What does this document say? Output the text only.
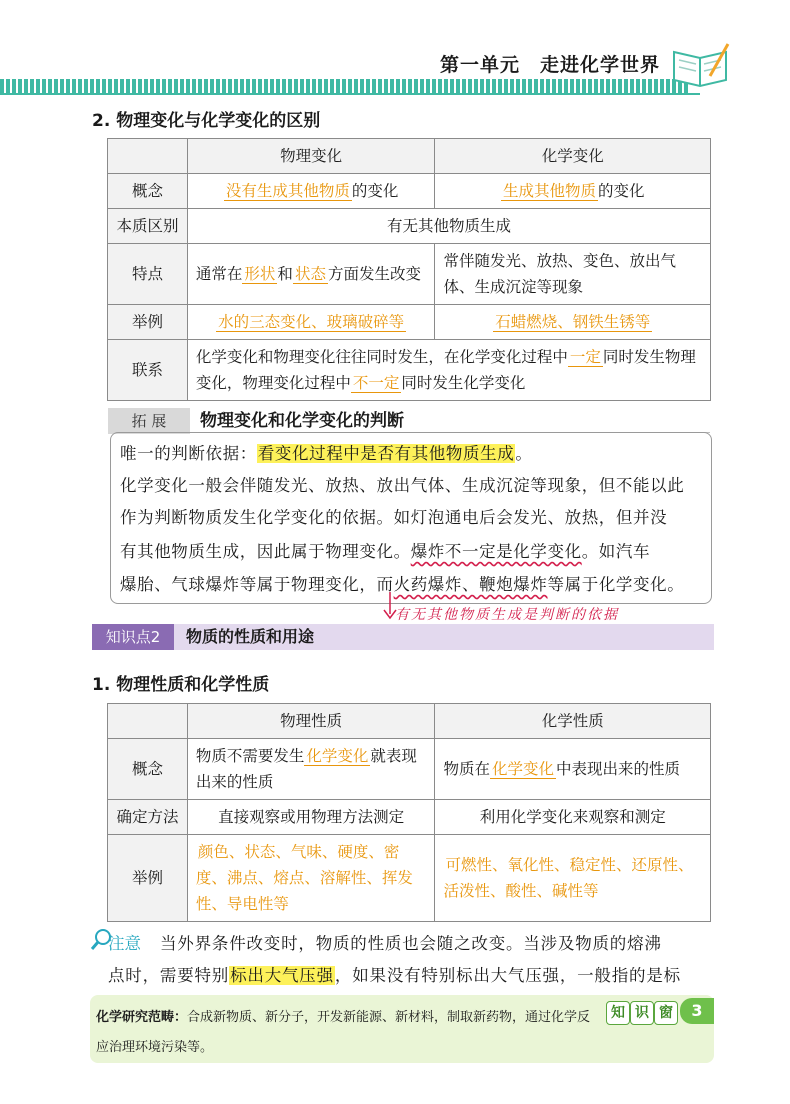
第一单元　走进化学世界
2. 物理变化与化学变化的区别
	物理变化	化学变化
概念	没有生成其他物质 的变化	生成其他物质 的变化
本质区别	有无其他物质生成	
特点	通常在 形状 和 状态 方面发生改变	常伴随发光、放热、变色、放出气体、生成沉淀等现象
举例	水的三态变化、玻璃破碎等	石蜡燃烧、钢铁生锈等
联系	化学变化和物理变化往往同时发生，在化学变化过程中 一定 同时发生物理变化，物理变化过程中 不一定 同时发生化学变化	
拓 展	物理变化和化学变化的判断
唯一的判断依据：看变化过程中是否有其他物质生成。
化学变化一般会伴随发光、放热、放出气体、生成沉淀等现象，但不能以此
作为判断物质发生化学变化的依据。如灯泡通电后会发光、放热，但并没
有其他物质生成，因此属于物理变化。爆炸不一定是化学变化。如汽车
爆胎、气球爆炸等属于物理变化，而火药爆炸、鞭炮爆炸等属于化学变化。
有无其他物质生成是判断的依据
知识点2	物质的性质和用途
1. 物理性质和化学性质
	物理性质	化学性质
概念	物质不需要发生 化学变化 就表现出来的性质	物质在 化学变化 中表现出来的性质
确定方法	直接观察或用物理方法测定	利用化学变化来观察和测定
举例	颜色、状态、气味、硬度、密度、沸点、熔点、溶解性、挥发性、导电性等	可燃性、氧化性、稳定性、还原性、活泼性、酸性、碱性等
注意 当外界条件改变时，物质的性质也会随之改变。当涉及物质的熔沸
点时，需要特别标出大气压强，如果没有特别标出大气压强，一般指的是标
化学研究范畴：合成新物质、新分子，开发新能源、新材料，制取新药物，通过化学反
应治理环境污染等。
知 识 窗	3
